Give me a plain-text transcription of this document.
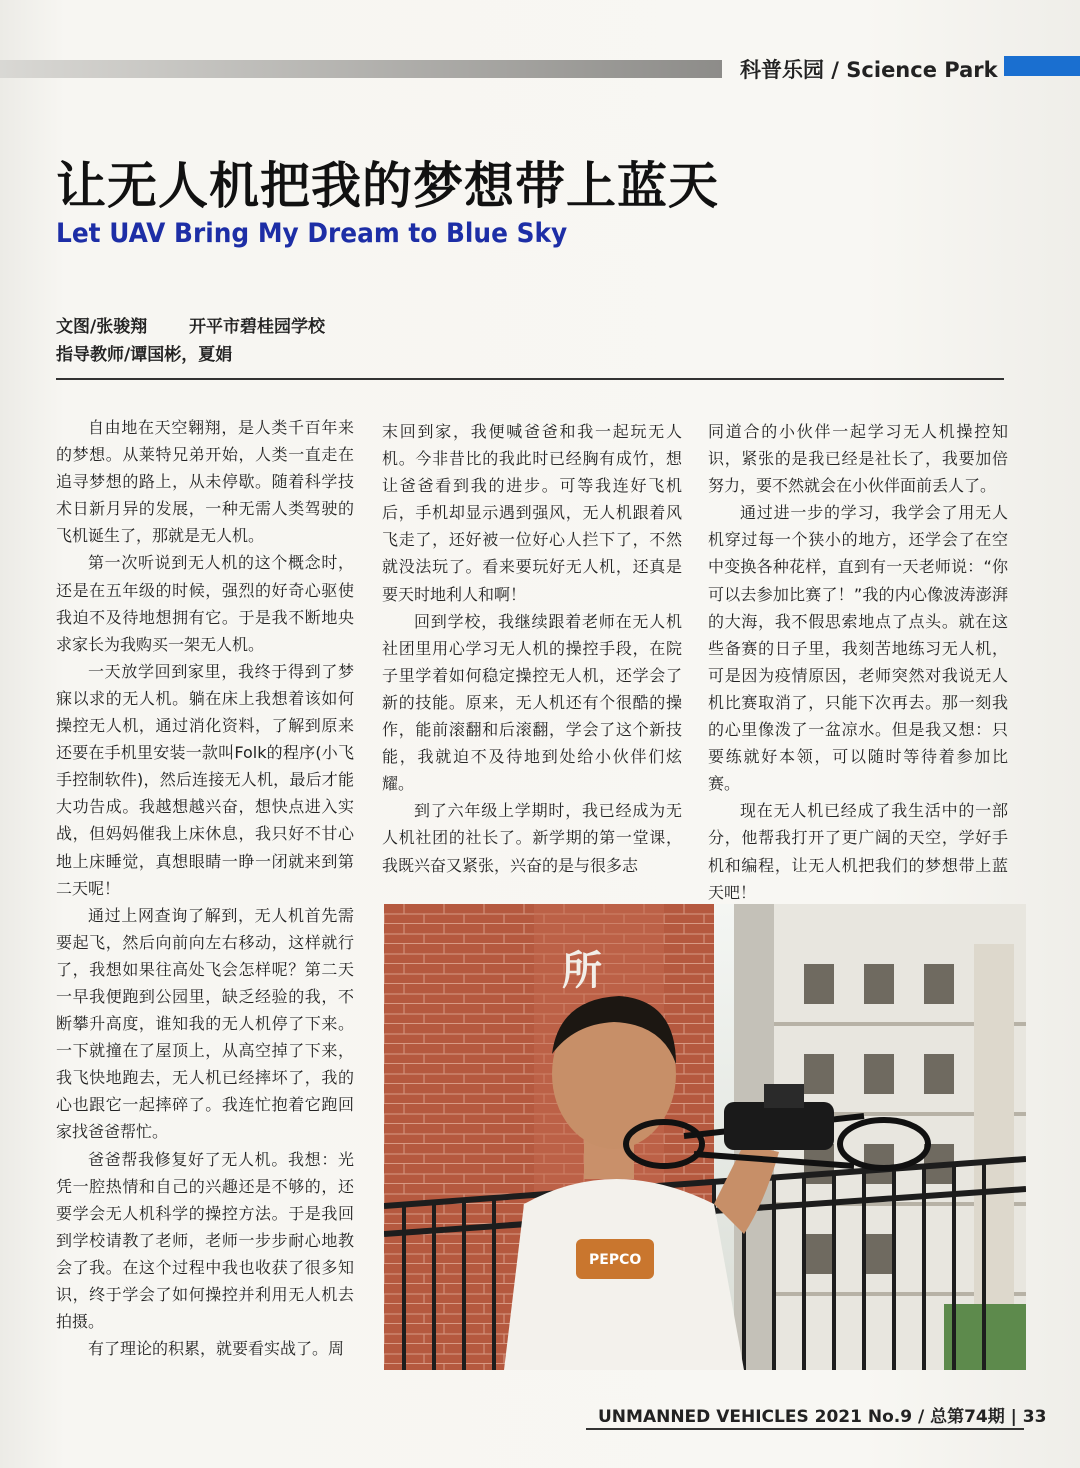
科普乐园 / Science Park
让无人机把我的梦想带上蓝天
Let UAV Bring My Dream to Blue Sky
文图/张骏翔 开平市碧桂园学校
指导教师/谭国彬，夏娟

自由地在天空翱翔，是人类千百年来的梦想。从莱特兄弟开始，人类一直走在追寻梦想的路上，从未停歇。随着科学技术日新月异的发展，一种无需人类驾驶的飞机诞生了，那就是无人机。

第一次听说到无人机的这个概念时，还是在五年级的时候，强烈的好奇心驱使我迫不及待地想拥有它。于是我不断地央求家长为我购买一架无人机。

一天放学回到家里，我终于得到了梦寐以求的无人机。躺在床上我想着该如何操控无人机，通过消化资料，了解到原来还要在手机里安装一款叫Folk的程序(小飞手控制软件)，然后连接无人机，最后才能大功告成。我越想越兴奋，想快点进入实战，但妈妈催我上床休息，我只好不甘心地上床睡觉，真想眼睛一睁一闭就来到第二天呢！

通过上网查询了解到，无人机首先需要起飞，然后向前向左右移动，这样就行了，我想如果往高处飞会怎样呢？第二天一早我便跑到公园里，缺乏经验的我，不断攀升高度，谁知我的无人机停了下来。一下就撞在了屋顶上，从高空掉了下来，我飞快地跑去，无人机已经摔坏了，我的心也跟它一起摔碎了。我连忙抱着它跑回家找爸爸帮忙。

爸爸帮我修复好了无人机。我想：光凭一腔热情和自己的兴趣还是不够的，还要学会无人机科学的操控方法。于是我回到学校请教了老师，老师一步步耐心地教会了我。在这个过程中我也收获了很多知识，终于学会了如何操控并利用无人机去拍摄。

有了理论的积累，就要看实战了。周

末回到家，我便喊爸爸和我一起玩无人机。今非昔比的我此时已经胸有成竹，想让爸爸看到我的进步。可等我连好飞机后，手机却显示遇到强风，无人机跟着风飞走了，还好被一位好心人拦下了，不然就没法玩了。看来要玩好无人机，还真是要天时地利人和啊！

回到学校，我继续跟着老师在无人机社团里用心学习无人机的操控手段，在院子里学着如何稳定操控无人机，还学会了新的技能。原来，无人机还有个很酷的操作，能前滚翻和后滚翻，学会了这个新技能，我就迫不及待地到处给小伙伴们炫耀。

到了六年级上学期时，我已经成为无人机社团的社长了。新学期的第一堂课，我既兴奋又紧张，兴奋的是与很多志

同道合的小伙伴一起学习无人机操控知识，紧张的是我已经是社长了，我要加倍努力，要不然就会在小伙伴面前丢人了。

通过进一步的学习，我学会了用无人机穿过每一个狭小的地方，还学会了在空中变换各种花样，直到有一天老师说：“你可以去参加比赛了！”我的内心像波涛澎湃的大海，我不假思索地点了点头。就在这些备赛的日子里，我刻苦地练习无人机，可是因为疫情原因，老师突然对我说无人机比赛取消了，只能下次再去。那一刻我的心里像泼了一盆凉水。但是我又想：只要练就好本领，可以随时等待着参加比赛。

现在无人机已经成了我生活中的一部分，他帮我打开了更广阔的天空，学好手机和编程，让无人机把我们的梦想带上蓝天吧！

所
PEPCO
UNMANNED VEHICLES 2021 No.9 / 总第74期 | 33
